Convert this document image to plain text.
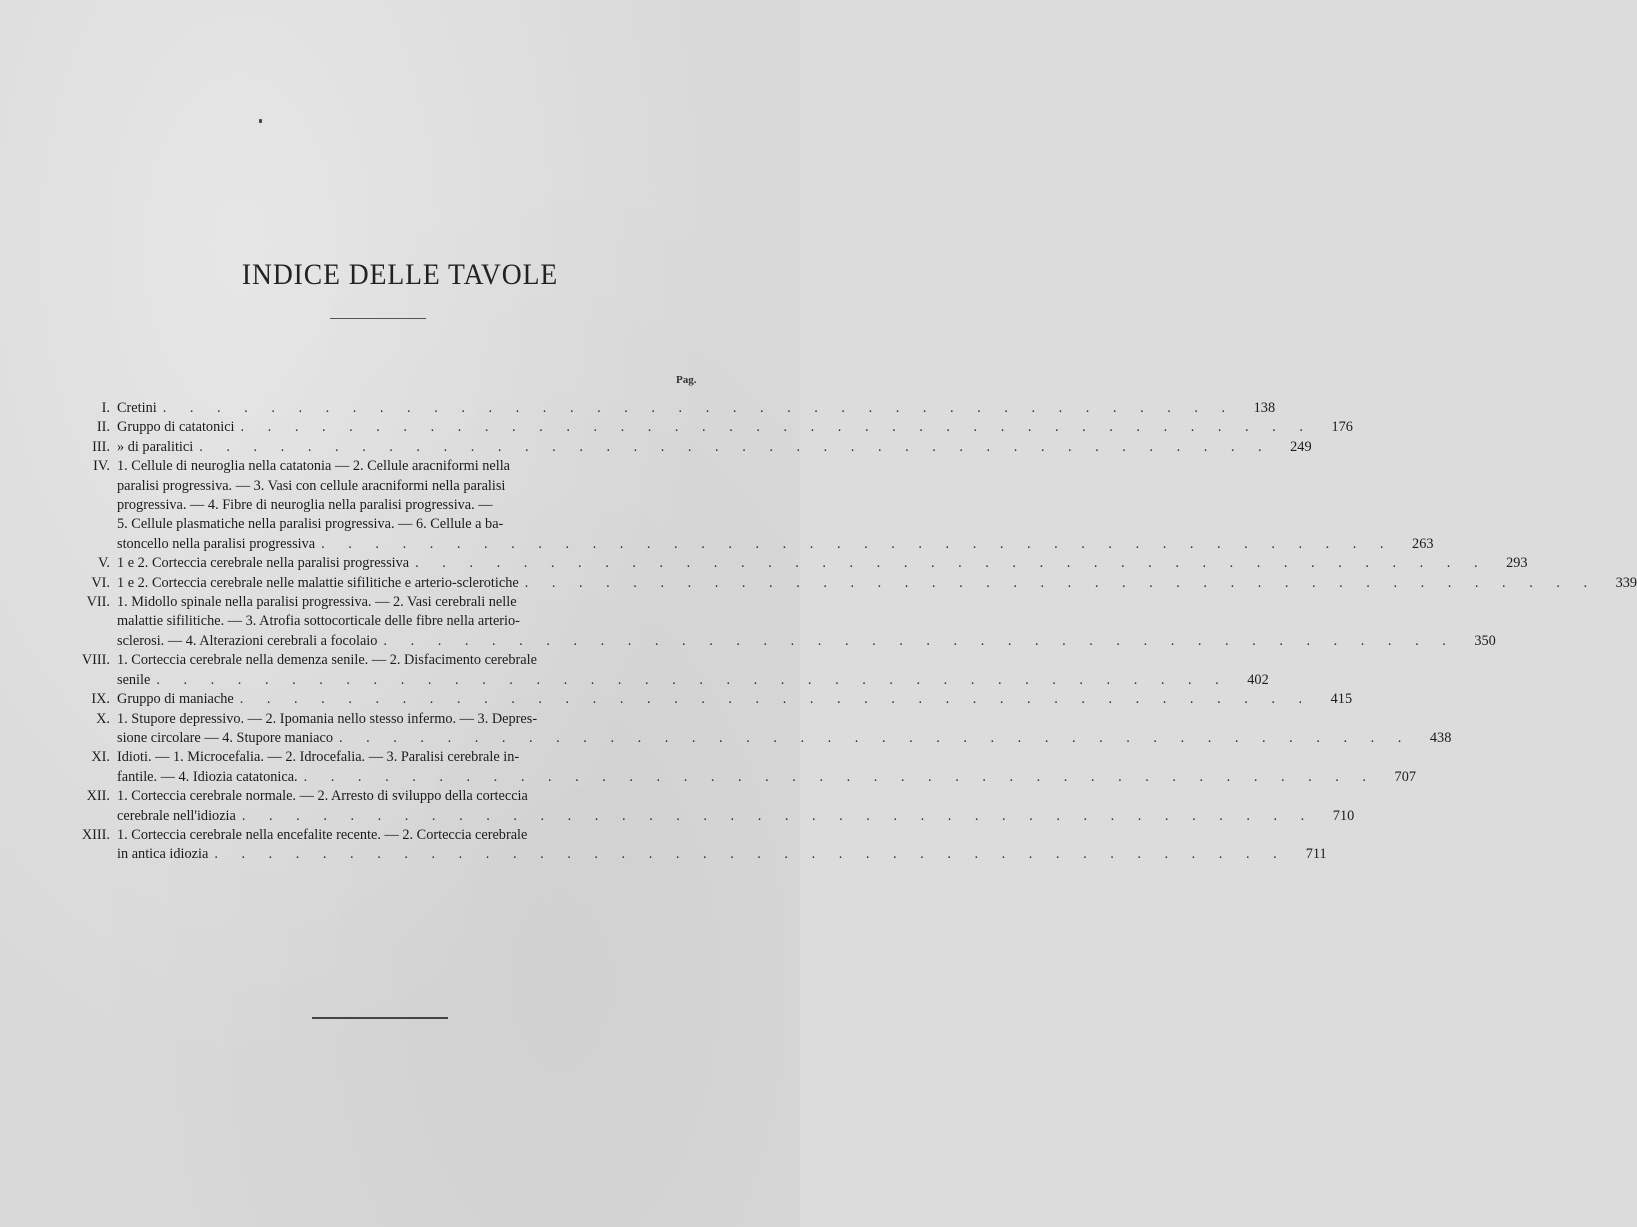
INDICE DELLE TAVOLE
Pag.
I. Cretini . . . . . . . . . . . . . . . . . . . . . . . . . . . . . . . . . . . . . . . .	138
II. Gruppo di catatonici . . . . . . . . . . . . . . . . . . . . . . . . . . . . . . . . . . . . . . . .	176
III. » di paralitici . . . . . . . . . . . . . . . . . . . . . . . . . . . . . . . . . . . . . . . .	249
IV. 1. Cellule di neuroglia nella catatonia — 2. Cellule aracniformi nella
paralisi progressiva. — 3. Vasi con cellule aracniformi nella paralisi
progressiva. — 4. Fibre di neuroglia nella paralisi progressiva. —
5. Cellule plasmatiche nella paralisi progressiva. — 6. Cellule a ba-
stoncello nella paralisi progressiva . . . . . . . . . . . . . . . . . . . . . . . . . . . . . . . . . . . . . . . .	263
V. 1 e 2. Corteccia cerebrale nella paralisi progressiva . . . . . . . . . . . . . . . . . . . . . . . . . . . . . . . . . . . . . . . .	293
VI. 1 e 2. Corteccia cerebrale nelle malattie sifilitiche e arterio-sclerotiche . . . . . . . . . . . . . . . . . . . . . . . . . . . . . . . . . . . . . . . .	339
VII. 1. Midollo spinale nella paralisi progressiva. — 2. Vasi cerebrali nelle
malattie sifilitiche. — 3. Atrofia sottocorticale delle fibre nella arterio-
sclerosi. — 4. Alterazioni cerebrali a focolaio . . . . . . . . . . . . . . . . . . . . . . . . . . . . . . . . . . . . . . . .	350
VIII. 1. Corteccia cerebrale nella demenza senile. — 2. Disfacimento cerebrale
senile . . . . . . . . . . . . . . . . . . . . . . . . . . . . . . . . . . . . . . . .	402
IX. Gruppo di maniache . . . . . . . . . . . . . . . . . . . . . . . . . . . . . . . . . . . . . . . .	415
X. 1. Stupore depressivo. — 2. Ipomania nello stesso infermo. — 3. Depres-
sione circolare — 4. Stupore maniaco . . . . . . . . . . . . . . . . . . . . . . . . . . . . . . . . . . . . . . . .	438
XI. Idioti. — 1. Microcefalia. — 2. Idrocefalia. — 3. Paralisi cerebrale in-
fantile. — 4. Idiozia catatonica. . . . . . . . . . . . . . . . . . . . . . . . . . . . . . . . . . . . . . . . .	707
XII. 1. Corteccia cerebrale normale. — 2. Arresto di sviluppo della corteccia
cerebrale nell'idiozia . . . . . . . . . . . . . . . . . . . . . . . . . . . . . . . . . . . . . . . .	710
XIII. 1. Corteccia cerebrale nella encefalite recente. — 2. Corteccia cerebrale
in antica idiozia . . . . . . . . . . . . . . . . . . . . . . . . . . . . . . . . . . . . . . . .	711
